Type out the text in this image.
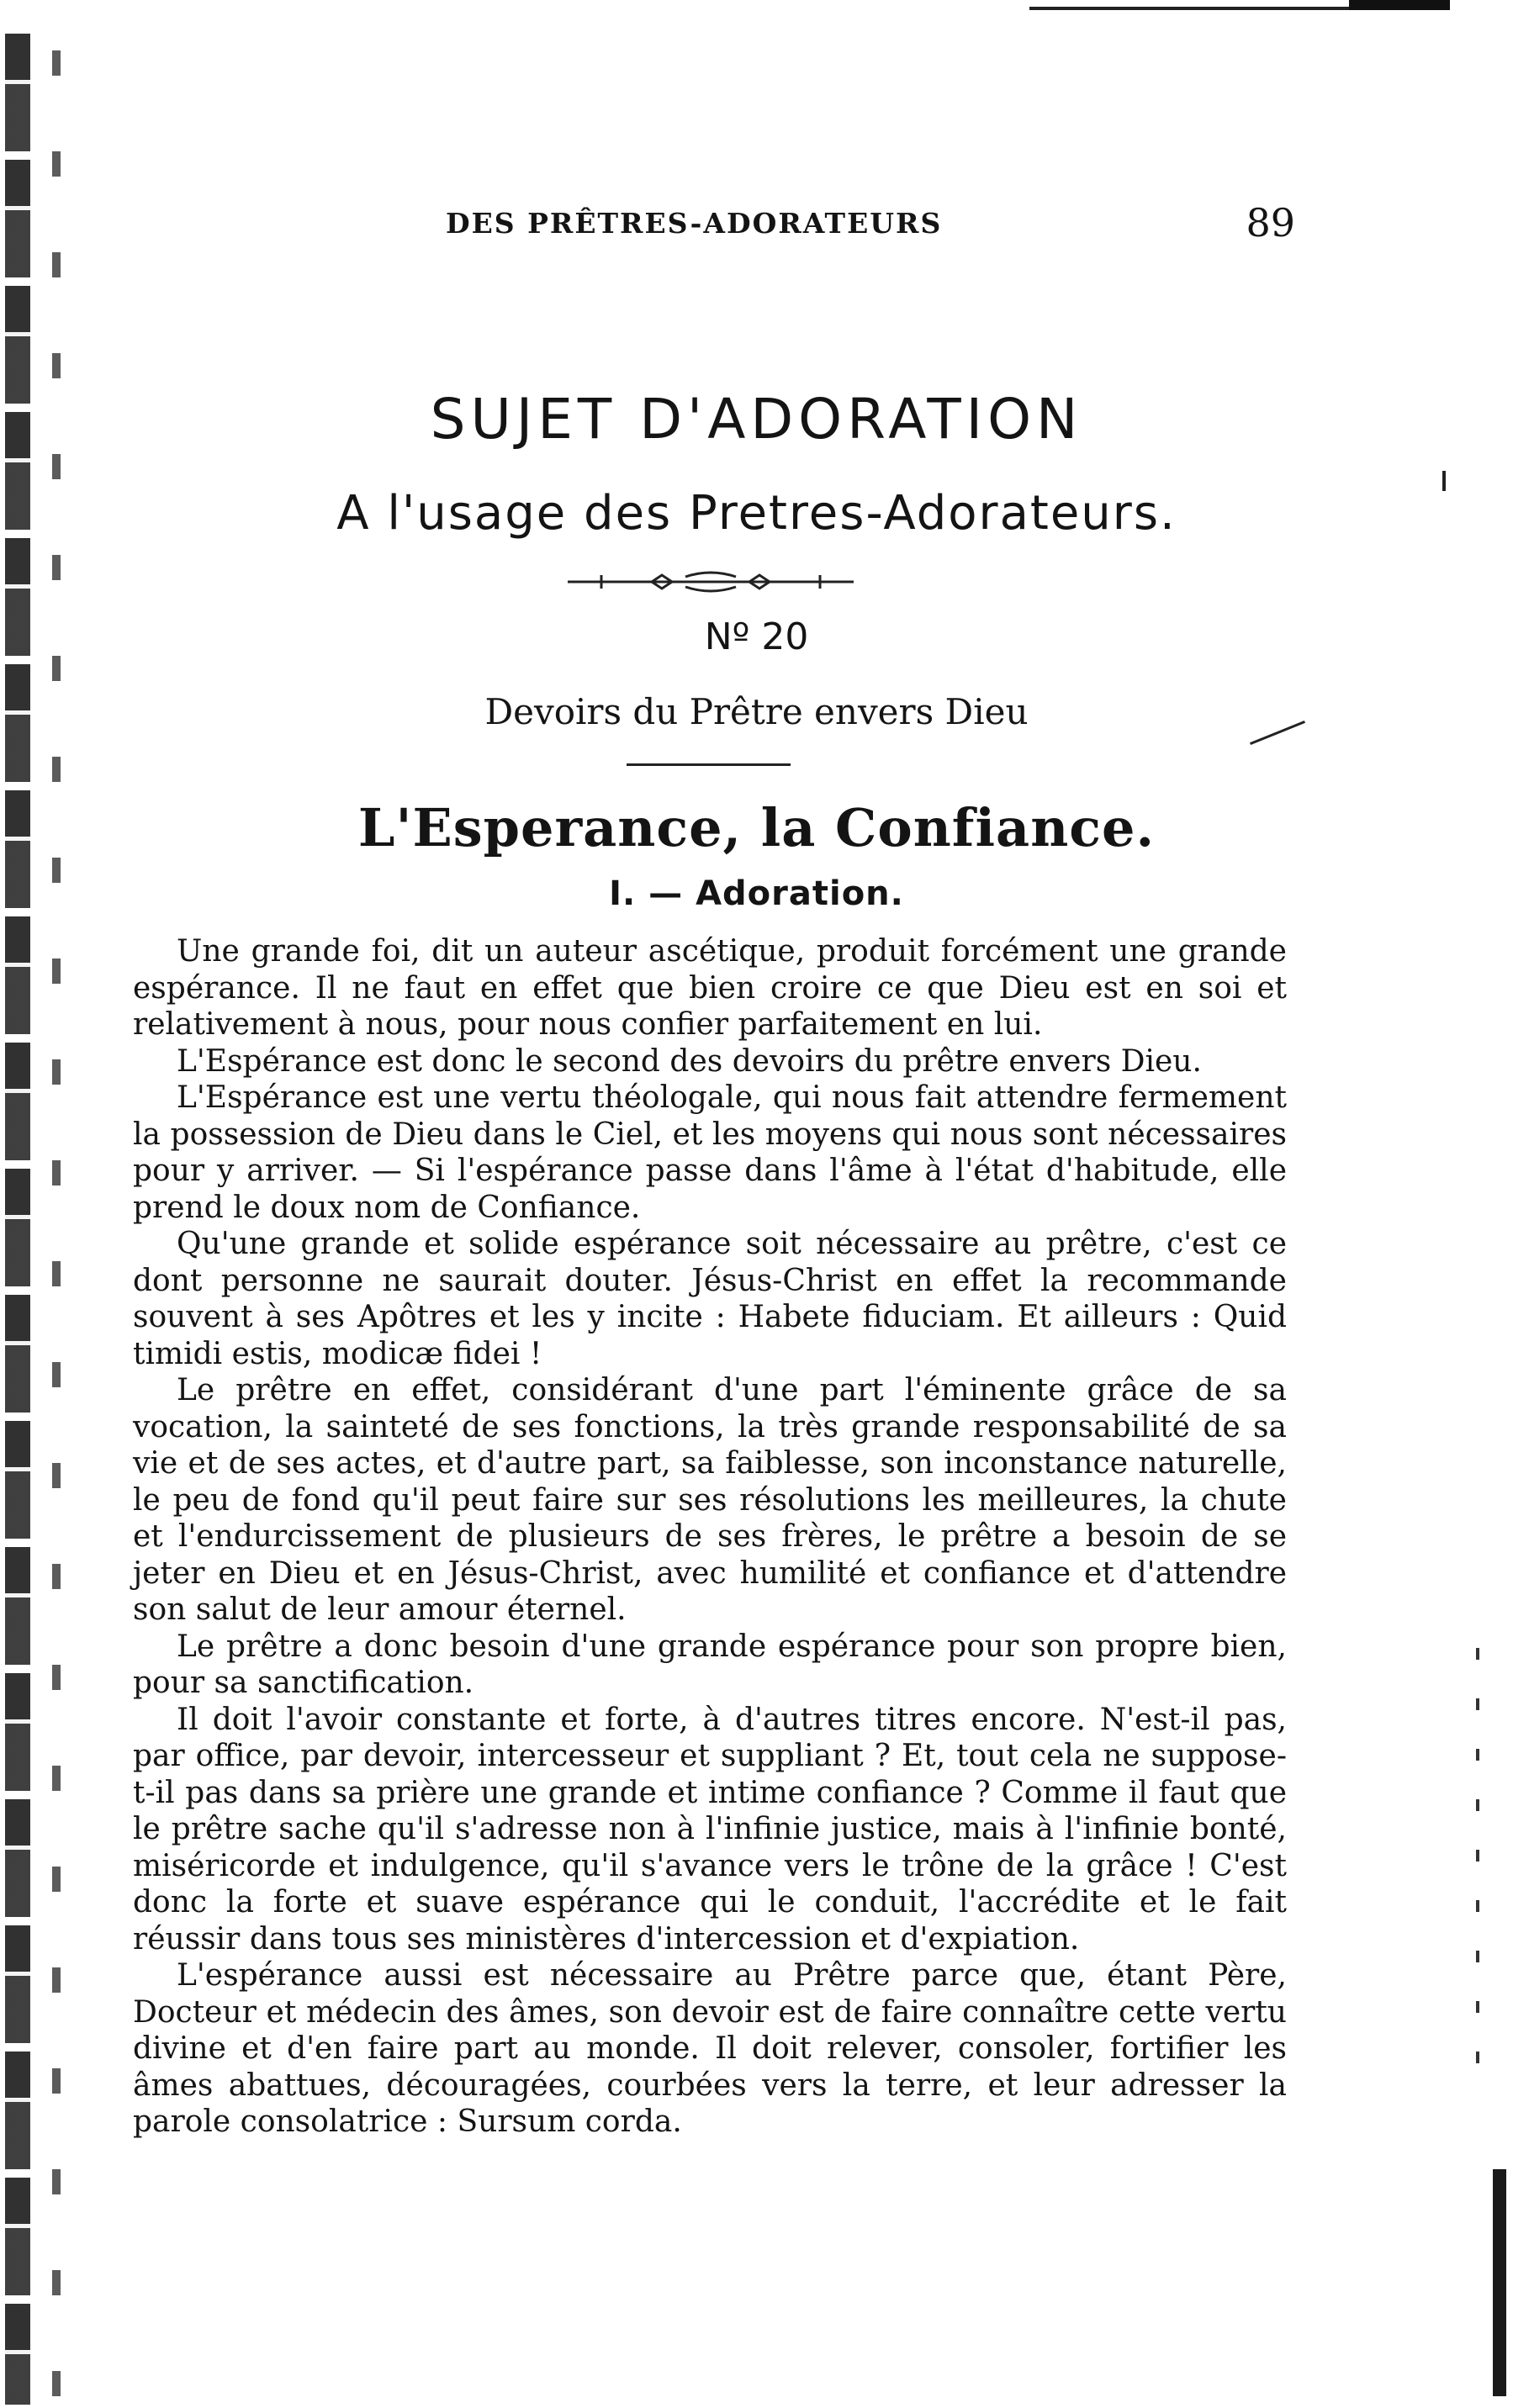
DES PRÊTRES-ADORATEURS	89
SUJET D'ADORATION
A l'usage des Pretres-Adorateurs.
Nº 20
Devoirs du Prêtre envers Dieu
L'Esperance, la Confiance.
I. — Adoration.

Une grande foi, dit un auteur ascétique, produit forcément une grande espérance. Il ne faut en effet que bien croire ce que Dieu est en soi et relativement à nous, pour nous confier parfaitement en lui.

L'Espérance est donc le second des devoirs du prêtre envers Dieu.

L'Espérance est une vertu théologale, qui nous fait attendre fermement la possession de Dieu dans le Ciel, et les moyens qui nous sont nécessaires pour y arriver. — Si l'espérance passe dans l'âme à l'état d'habitude, elle prend le doux nom de Confiance.

Qu'une grande et solide espérance soit nécessaire au prêtre, c'est ce dont personne ne saurait douter. Jésus-Christ en effet la recommande souvent à ses Apôtres et les y incite : Habete fiduciam. Et ailleurs : Quid timidi estis, modicæ fidei !

Le prêtre en effet, considérant d'une part l'éminente grâce de sa vocation, la sainteté de ses fonctions, la très grande responsabilité de sa vie et de ses actes, et d'autre part, sa faiblesse, son inconstance naturelle, le peu de fond qu'il peut faire sur ses résolutions les meilleures, la chute et l'endurcissement de plusieurs de ses frères, le prêtre a besoin de se jeter en Dieu et en Jésus-Christ, avec humilité et confiance et d'attendre son salut de leur amour éternel.

Le prêtre a donc besoin d'une grande espérance pour son propre bien, pour sa sanctification.

Il doit l'avoir constante et forte, à d'autres titres encore. N'est-il pas, par office, par devoir, intercesseur et suppliant ? Et, tout cela ne suppose-t-il pas dans sa prière une grande et intime confiance ? Comme il faut que le prêtre sache qu'il s'adresse non à l'infinie justice, mais à l'infinie bonté, miséricorde et indulgence, qu'il s'avance vers le trône de la grâce ! C'est donc la forte et suave espérance qui le conduit, l'accrédite et le fait réussir dans tous ses ministères d'intercession et d'expiation.

L'espérance aussi est nécessaire au Prêtre parce que, étant Père, Docteur et médecin des âmes, son devoir est de faire connaître cette vertu divine et d'en faire part au monde. Il doit relever, consoler, fortifier les âmes abattues, découragées, courbées vers la terre, et leur adresser la parole consolatrice : Sursum corda.
